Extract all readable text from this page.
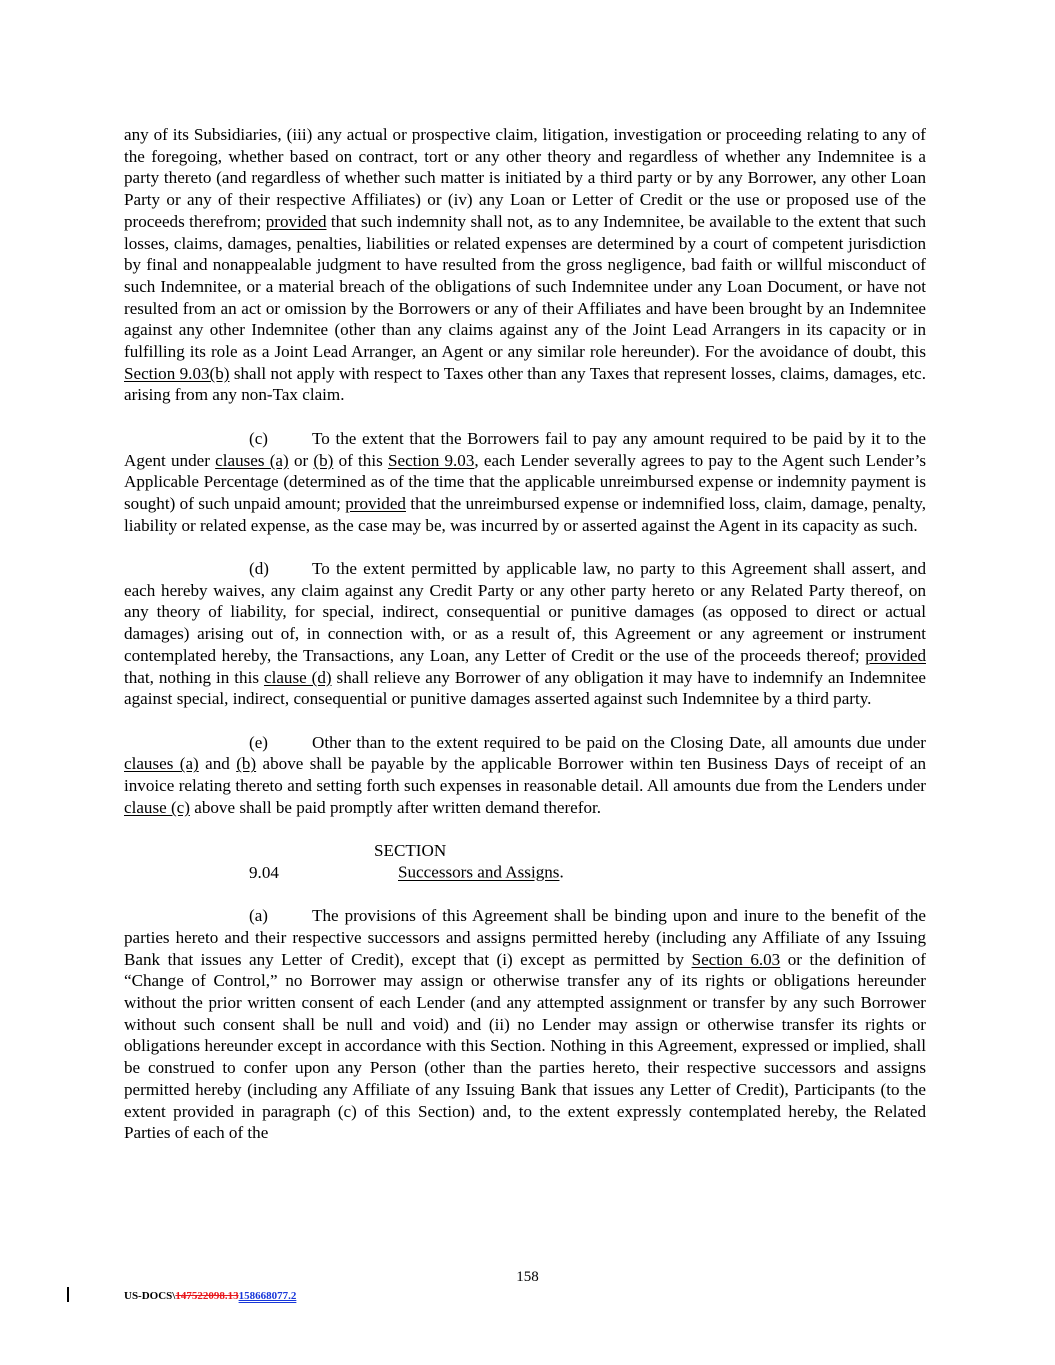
any of its Subsidiaries, (iii) any actual or prospective claim, litigation, investigation or proceeding relating to any of the foregoing, whether based on contract, tort or any other theory and regardless of whether any Indemnitee is a party thereto (and regardless of whether such matter is initiated by a third party or by any Borrower, any other Loan Party or any of their respective Affiliates) or (iv) any Loan or Letter of Credit or the use or proposed use of the proceeds therefrom; provided that such indemnity shall not, as to any Indemnitee, be available to the extent that such losses, claims, damages, penalties, liabilities or related expenses are determined by a court of competent jurisdiction by final and nonappealable judgment to have resulted from the gross negligence, bad faith or willful misconduct of such Indemnitee, or a material breach of the obligations of such Indemnitee under any Loan Document, or have not resulted from an act or omission by the Borrowers or any of their Affiliates and have been brought by an Indemnitee against any other Indemnitee (other than any claims against any of the Joint Lead Arrangers in its capacity or in fulfilling its role as a Joint Lead Arranger, an Agent or any similar role hereunder). For the avoidance of doubt, this Section 9.03(b) shall not apply with respect to Taxes other than any Taxes that represent losses, claims, damages, etc. arising from any non-Tax claim.

(c)	To the extent that the Borrowers fail to pay any amount required to be paid by it to the Agent under clauses (a) or (b) of this Section 9.03, each Lender severally agrees to pay to the Agent such Lender’s Applicable Percentage (determined as of the time that the applicable unreimbursed expense or indemnity payment is sought) of such unpaid amount; provided that the unreimbursed expense or indemnified loss, claim, damage, penalty, liability or related expense, as the case may be, was incurred by or asserted against the Agent in its capacity as such.

(d)	To the extent permitted by applicable law, no party to this Agreement shall assert, and each hereby waives, any claim against any Credit Party or any other party hereto or any Related Party thereof, on any theory of liability, for special, indirect, consequential or punitive damages (as opposed to direct or actual damages) arising out of, in connection with, or as a result of, this Agreement or any agreement or instrument contemplated hereby, the Transactions, any Loan, any Letter of Credit or the use of the proceeds thereof; provided that, nothing in this clause (d) shall relieve any Borrower of any obligation it may have to indemnify an Indemnitee against special, indirect, consequential or punitive damages asserted against such Indemnitee by a third party.

(e)	Other than to the extent required to be paid on the Closing Date, all amounts due under clauses (a) and (b) above shall be payable by the applicable Borrower within ten Business Days of receipt of an invoice relating thereto and setting forth such expenses in reasonable detail. All amounts due from the Lenders under clause (c) above shall be paid promptly after written demand therefor.

SECTION 9.04	Successors and Assigns.

(a)	The provisions of this Agreement shall be binding upon and inure to the benefit of the parties hereto and their respective successors and assigns permitted hereby (including any Affiliate of any Issuing Bank that issues any Letter of Credit), except that (i) except as permitted by Section 6.03 or the definition of “Change of Control,” no Borrower may assign or otherwise transfer any of its rights or obligations hereunder without the prior written consent of each Lender (and any attempted assignment or transfer by any such Borrower without such consent shall be null and void) and (ii) no Lender may assign or otherwise transfer its rights or obligations hereunder except in accordance with this Section. Nothing in this Agreement, expressed or implied, shall be construed to confer upon any Person (other than the parties hereto, their respective successors and assigns permitted hereby (including any Affiliate of any Issuing Bank that issues any Letter of Credit), Participants (to the extent provided in paragraph (c) of this Section) and, to the extent expressly contemplated hereby, the Related Parties of each of the

158
US-DOCS\147522098.13158668077.2
